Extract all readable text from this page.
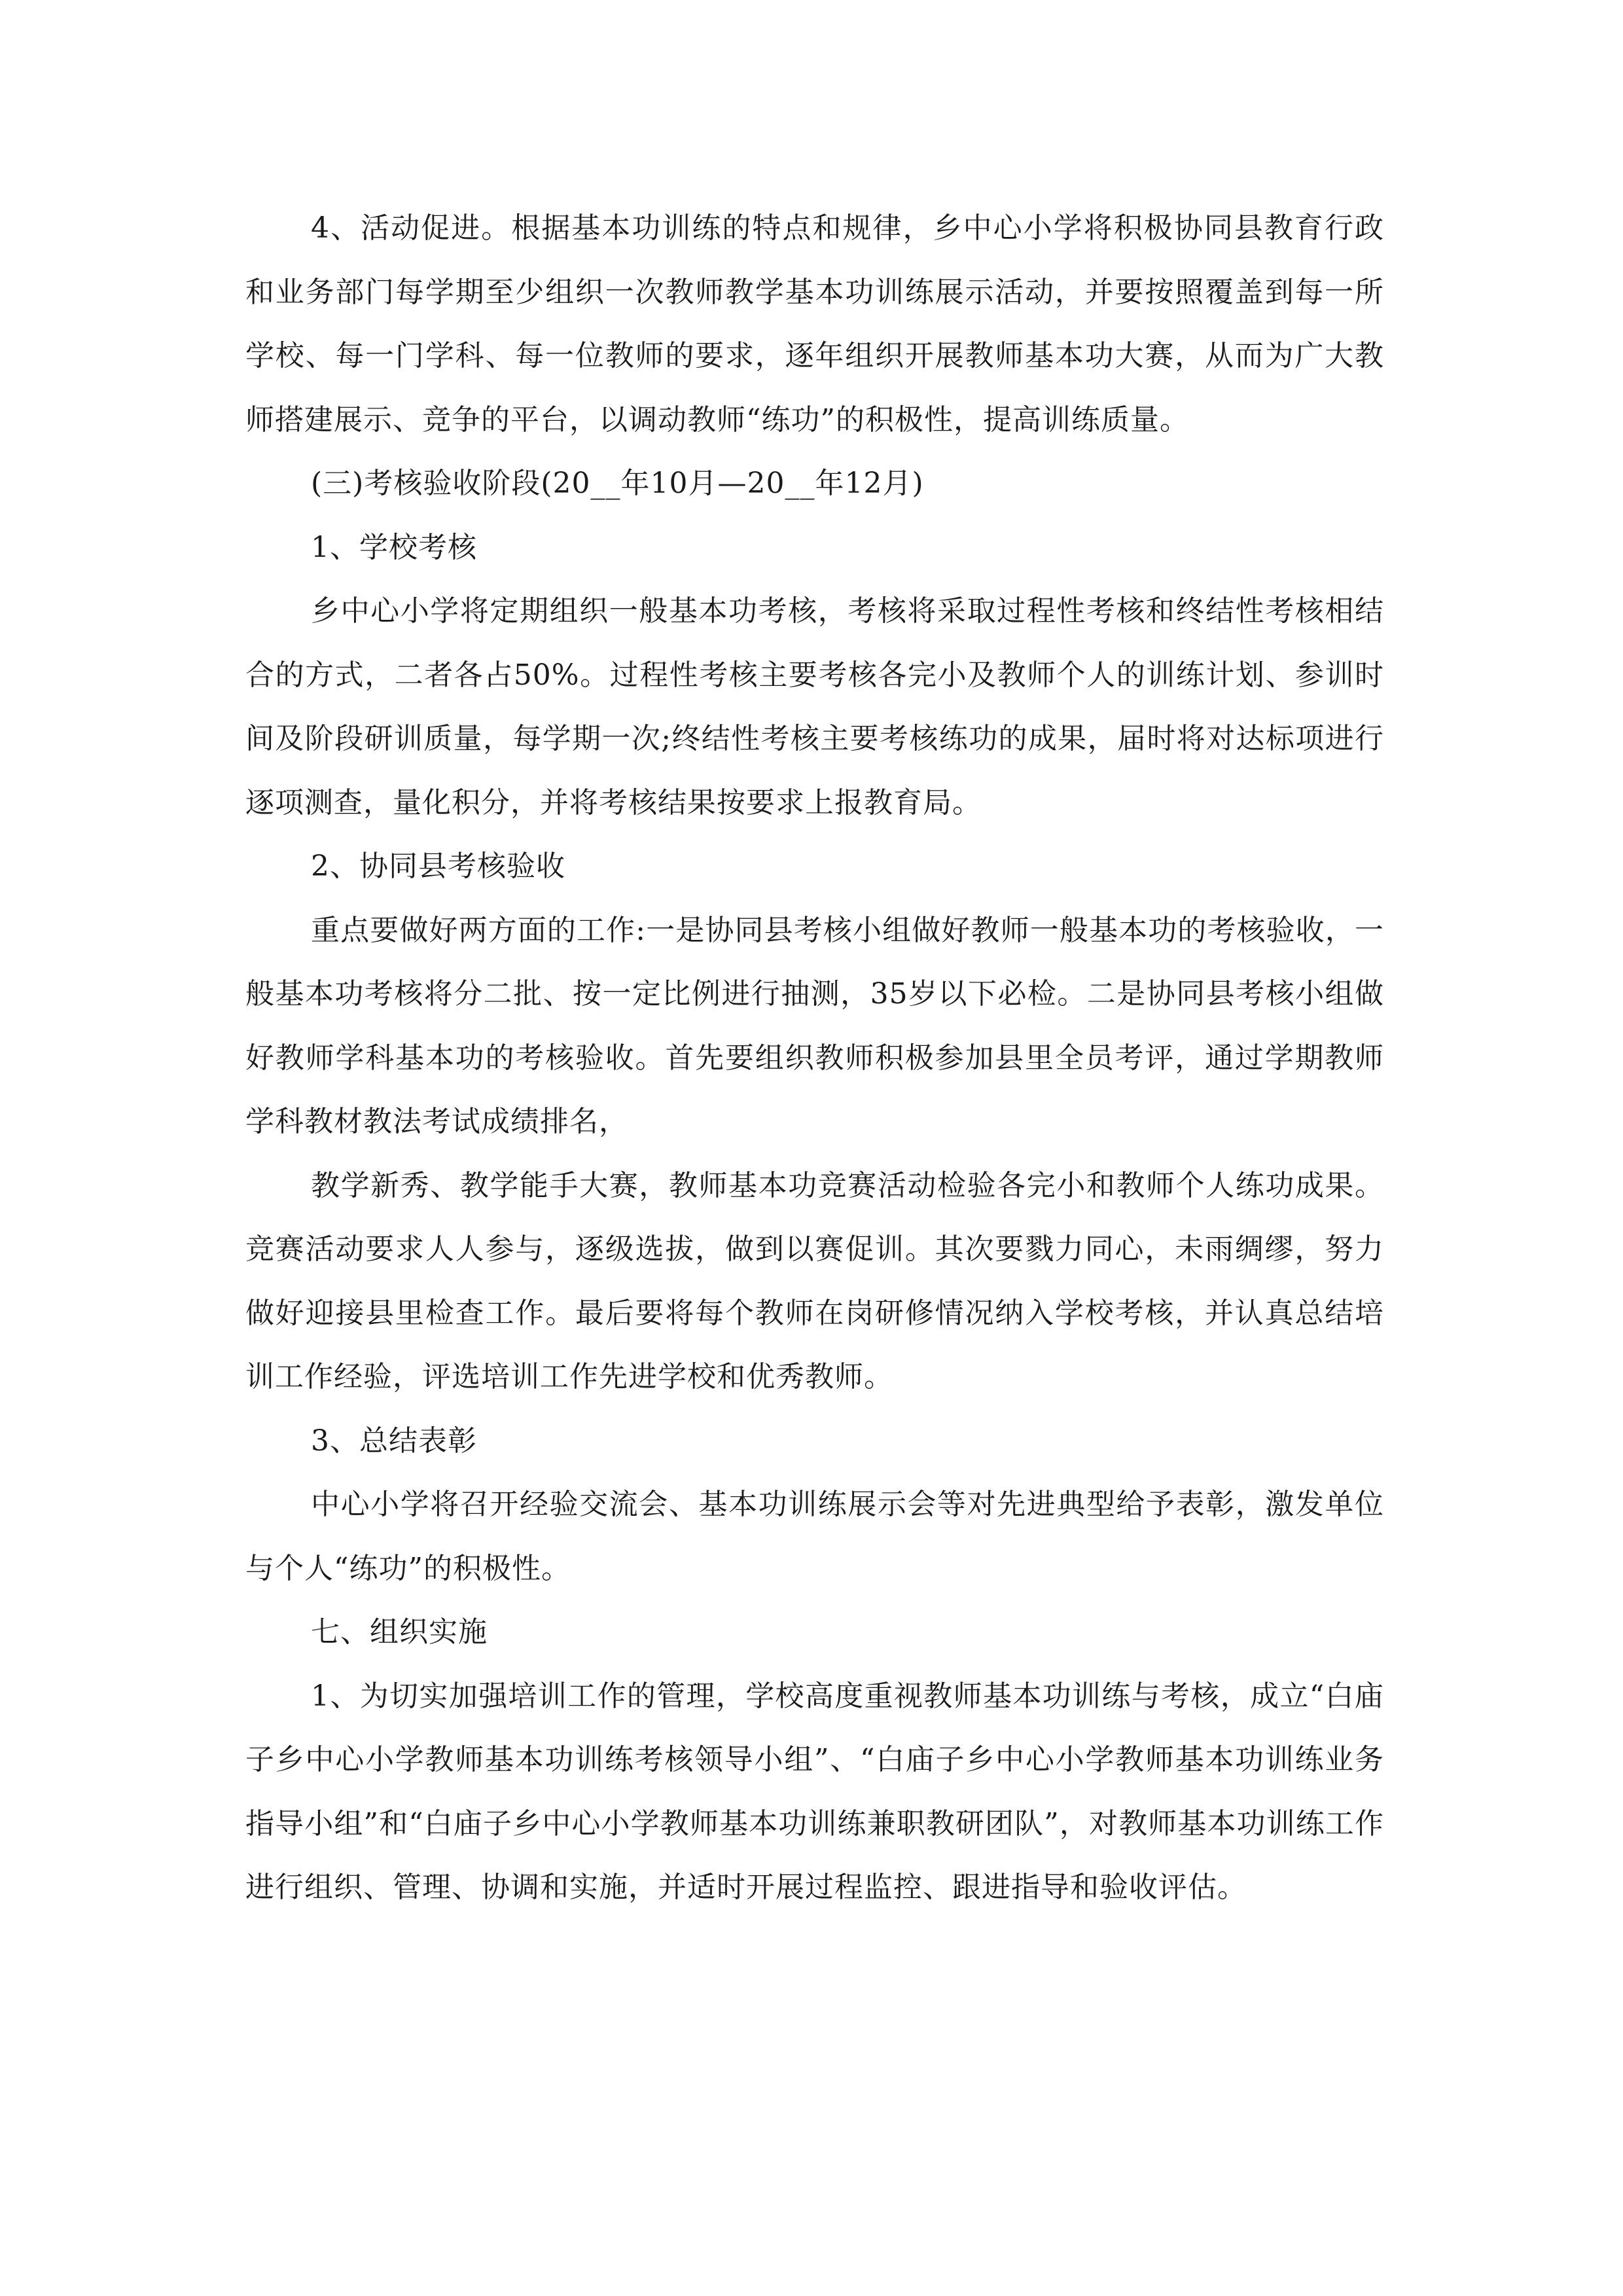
4、活动促进。根据基本功训练的特点和规律，乡中心小学将积极协同县教育行政和业务部门每学期至少组织一次教师教学基本功训练展示活动，并要按照覆盖到每一所学校、每一门学科、每一位教师的要求，逐年组织开展教师基本功大赛，从而为广大教师搭建展示、竞争的平台，以调动教师“练功”的积极性，提高训练质量。

(三)考核验收阶段(20__年10月—20__年12月)

1、学校考核

乡中心小学将定期组织一般基本功考核，考核将采取过程性考核和终结性考核相结合的方式，二者各占50%。过程性考核主要考核各完小及教师个人的训练计划、参训时间及阶段研训质量，每学期一次;终结性考核主要考核练功的成果，届时将对达标项进行逐项测查，量化积分，并将考核结果按要求上报教育局。

2、协同县考核验收

重点要做好两方面的工作:一是协同县考核小组做好教师一般基本功的考核验收，一般基本功考核将分二批、按一定比例进行抽测，35岁以下必检。二是协同县考核小组做好教师学科基本功的考核验收。首先要组织教师积极参加县里全员考评，通过学期教师学科教材教法考试成绩排名，

教学新秀、教学能手大赛，教师基本功竞赛活动检验各完小和教师个人练功成果。竞赛活动要求人人参与，逐级选拔，做到以赛促训。其次要戮力同心，未雨绸缪，努力做好迎接县里检查工作。最后要将每个教师在岗研修情况纳入学校考核，并认真总结培训工作经验，评选培训工作先进学校和优秀教师。

3、总结表彰

中心小学将召开经验交流会、基本功训练展示会等对先进典型给予表彰，激发单位与个人“练功”的积极性。

七、组织实施

1、为切实加强培训工作的管理，学校高度重视教师基本功训练与考核，成立“白庙子乡中心小学教师基本功训练考核领导小组”、“白庙子乡中心小学教师基本功训练业务指导小组”和“白庙子乡中心小学教师基本功训练兼职教研团队”，对教师基本功训练工作进行组织、管理、协调和实施，并适时开展过程监控、跟进指导和验收评估。
